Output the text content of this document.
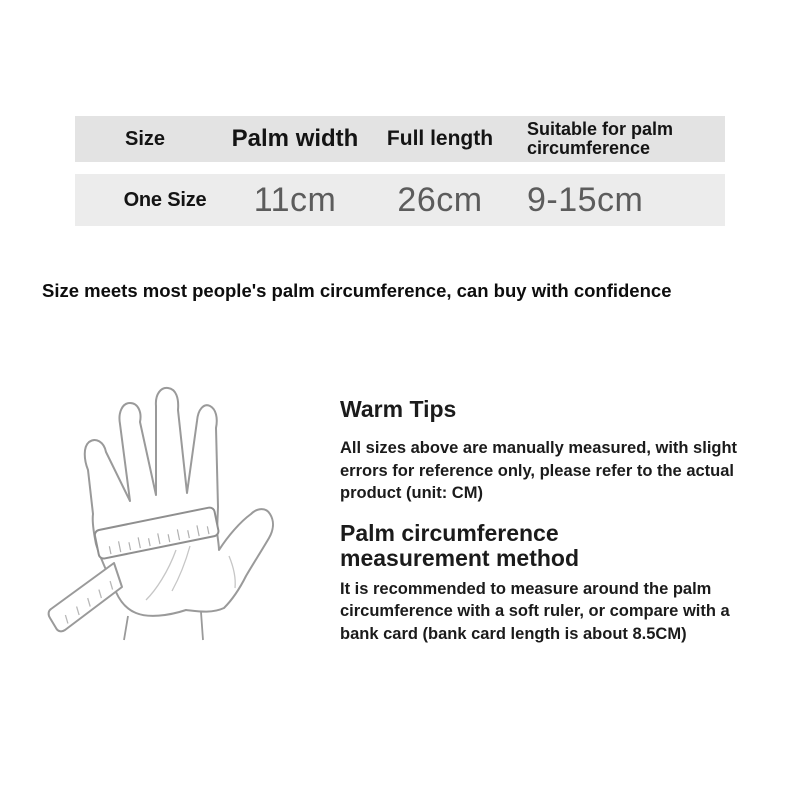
Size	Palm width	Full length	Suitable for palm circumference
One Size	11cm	26cm	9-15cm
Size meets most people's palm circumference, can buy with confidence
Warm Tips
All sizes above are manually measured, with slight
errors for reference only, please refer to the actual
product (unit: CM)
Palm circumference
measurement method
It is recommended to measure around the palm
circumference with a soft ruler, or compare with a
bank card (bank card length is about 8.5CM)
